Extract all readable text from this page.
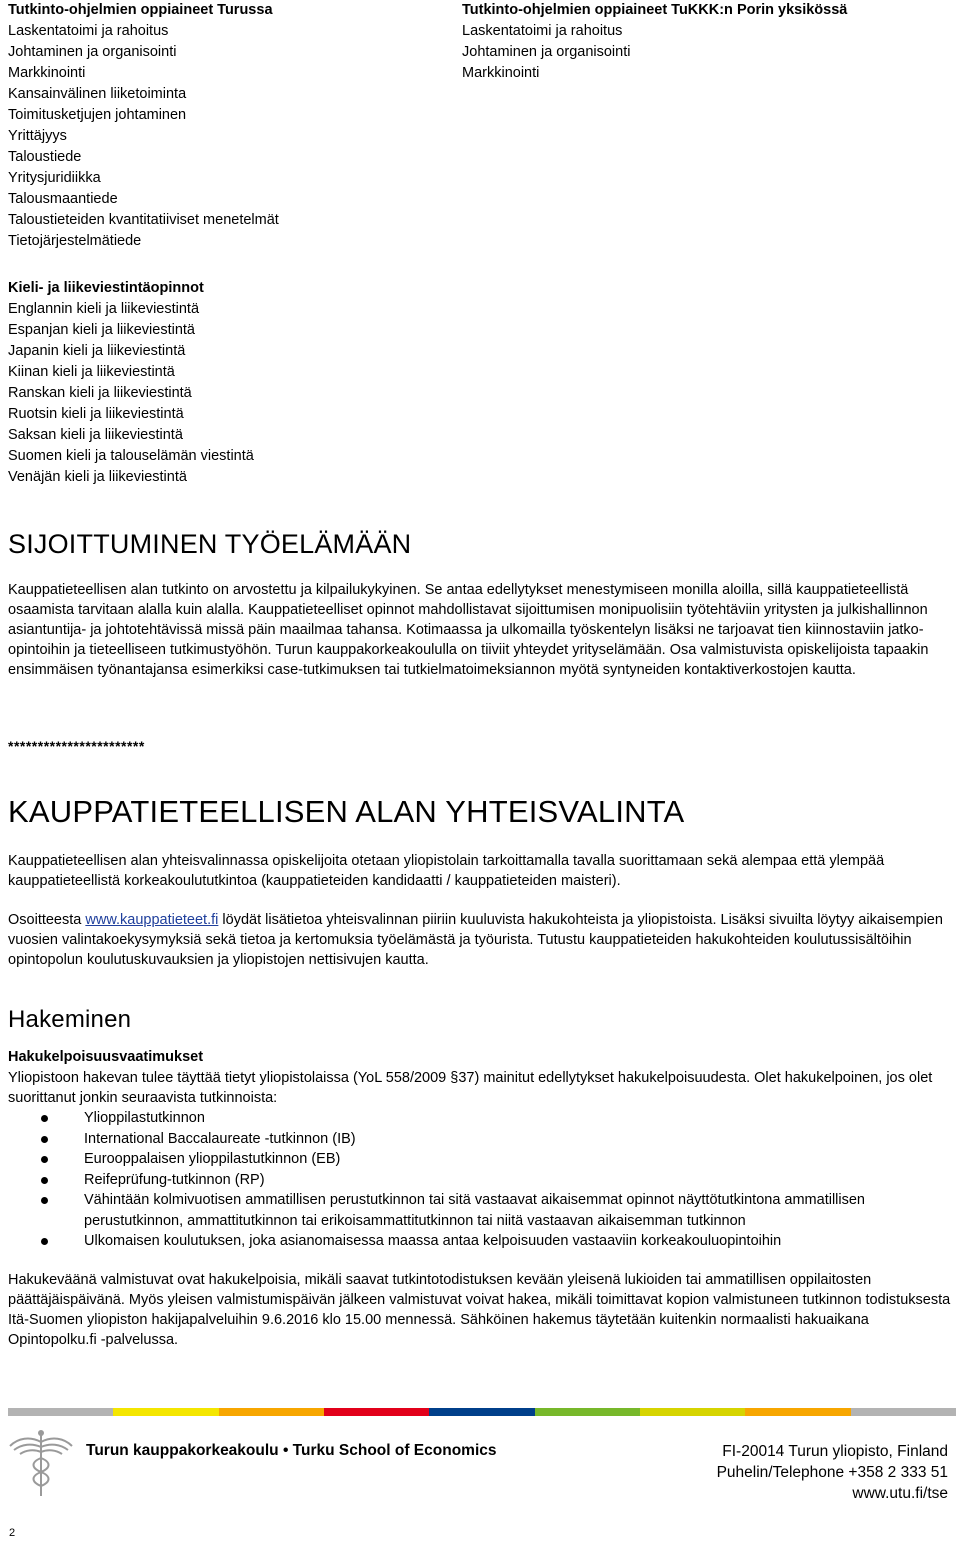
Tutkinto-ohjelmien oppiaineet Turussa

Laskentatoimi ja rahoitus
Johtaminen ja organisointi
Markkinointi
Kansainvälinen liiketoiminta
Toimitusketjujen johtaminen
Yrittäjyys
Taloustiede
Yritysjuridiikka
Talousmaantiede
Taloustieteiden kvantitatiiviset menetelmät
Tietojärjestelmätiede

Tutkinto-ohjelmien oppiaineet TuKKK:n Porin yksikössä

Laskentatoimi ja rahoitus
Johtaminen ja organisointi
Markkinointi

Kieli- ja liikeviestintäopinnot

Englannin kieli ja liikeviestintä
Espanjan kieli ja liikeviestintä
Japanin kieli ja liikeviestintä
Kiinan kieli ja liikeviestintä
Ranskan kieli ja liikeviestintä
Ruotsin kieli ja liikeviestintä
Saksan kieli ja liikeviestintä
Suomen kieli ja talouselämän viestintä
Venäjän kieli ja liikeviestintä
SIJOITTUMINEN TYÖELÄMÄÄN

Kauppatieteellisen alan tutkinto on arvostettu ja kilpailukykyinen. Se antaa edellytykset menestymiseen monilla aloilla, sillä kauppatieteellistä osaamista tarvitaan alalla kuin alalla. Kauppatieteelliset opinnot mahdollistavat sijoittumisen monipuolisiin työtehtäviin yritysten ja julkishallinnon asiantuntija- ja johtotehtävissä missä päin maailmaa tahansa. Kotimaassa ja ulkomailla työskentelyn lisäksi ne tarjoavat tien kiinnostaviin jatko-opintoihin ja tieteelliseen tutkimustyöhön. Turun kauppakorkeakoululla on tiiviit yhteydet yrityselämään. Osa valmistuvista opiskelijoista tapaakin ensimmäisen työnantajansa esimerkiksi case-tutkimuksen tai tutkielmatoimeksiannon myötä syntyneiden kontaktiverkostojen kautta.

***********************

KAUPPATIETEELLISEN ALAN YHTEISVALINTA

Kauppatieteellisen alan yhteisvalinnassa opiskelijoita otetaan yliopistolain tarkoittamalla tavalla suorittamaan sekä alempaa että ylempää kauppatieteellistä korkeakoulututkintoa (kauppatieteiden kandidaatti / kauppatieteiden maisteri).

Osoitteesta www.kauppatieteet.fi löydät lisätietoa yhteisvalinnan piiriin kuuluvista hakukohteista ja yliopistoista. Lisäksi sivuilta löytyy aikaisempien vuosien valintakoekysymyksiä sekä tietoa ja kertomuksia työelämästä ja työurista. Tutustu kauppatieteiden hakukohteiden koulutussisältöihin opintopolun koulutuskuvauksien ja yliopistojen nettisivujen kautta.

Hakeminen

Hakukelpoisuusvaatimukset

Yliopistoon hakevan tulee täyttää tietyt yliopistolaissa (YoL 558/2009 §37) mainitut edellytykset hakukelpoisuudesta. Olet hakukelpoinen, jos olet suorittanut jonkin seuraavista tutkinnoista:

Ylioppilastutkinnon
International Baccalaureate -tutkinnon (IB)
Eurooppalaisen ylioppilastutkinnon (EB)
Reifeprüfung-tutkinnon (RP)
Vähintään kolmivuotisen ammatillisen perustutkinnon tai sitä vastaavat aikaisemmat opinnot näyttötutkintona ammatillisen perustutkinnon, ammattitutkinnon tai erikoisammattitutkinnon tai niitä vastaavan aikaisemman tutkinnon
Ulkomaisen koulutuksen, joka asianomaisessa maassa antaa kelpoisuuden vastaaviin korkeakouluopintoihin

Hakukeväänä valmistuvat ovat hakukelpoisia, mikäli saavat tutkintotodistuksen kevään yleisenä lukioiden tai ammatillisen oppilaitosten päättäjäispäivänä. Myös yleisen valmistumispäivän jälkeen valmistuvat voivat hakea, mikäli toimittavat kopion valmistuneen tutkinnon todistuksesta Itä-Suomen yliopiston hakijapalveluihin 9.6.2016 klo 15.00 mennessä. Sähköinen hakemus täytetään kuitenkin normaalisti hakuaikana Opintopolku.fi -palvelussa.

Turun kauppakorkeakoulu • Turku School of Economics	FI-20014 Turun yliopisto, Finland
Puhelin/Telephone +358 2 333 51
www.utu.fi/tse
2
